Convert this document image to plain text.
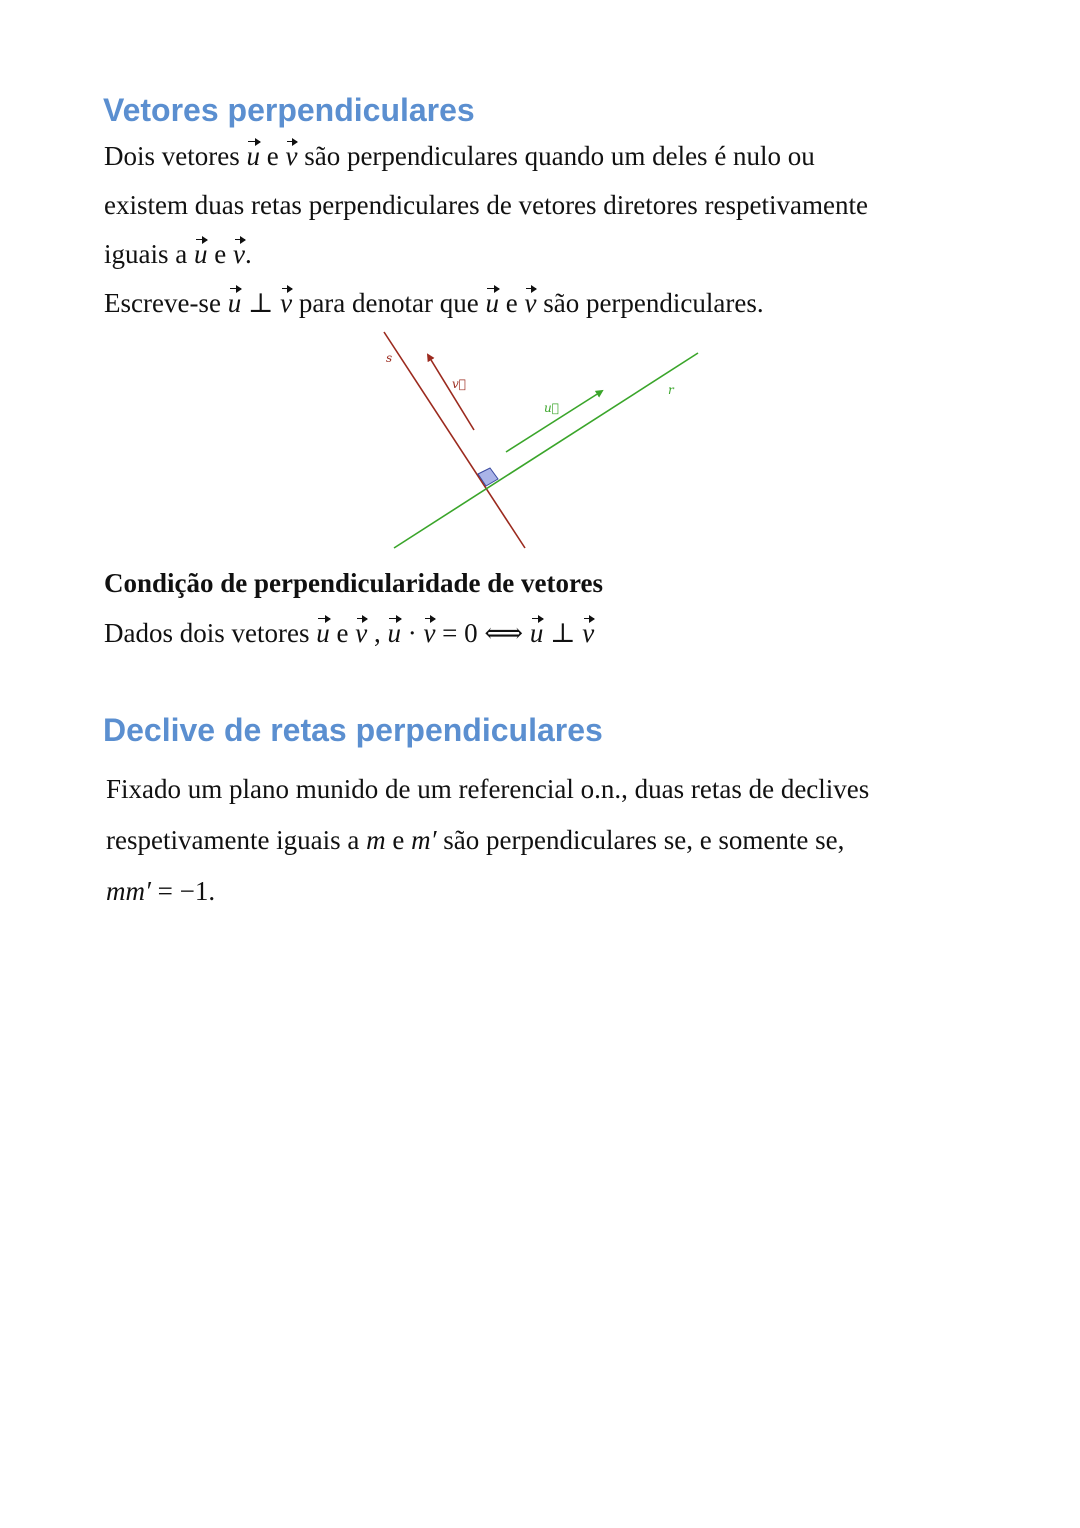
Vetores perpendiculares
Dois vetores u e v são perpendiculares quando um deles é nulo ou
existem duas retas perpendiculares de vetores diretores respetivamente
iguais a u e v.
Escreve-se u ⊥ v para denotar que u e v são perpendiculares.
s
r
v⃗
u⃗
Condição de perpendicularidade de vetores
Dados dois vetores u e v , u · v = 0 ⟺ u ⊥ v
Declive de retas perpendiculares
Fixado um plano munido de um referencial o.n., duas retas de declives
respetivamente iguais a m e m′ são perpendiculares se, e somente se,
mm′ = −1.
